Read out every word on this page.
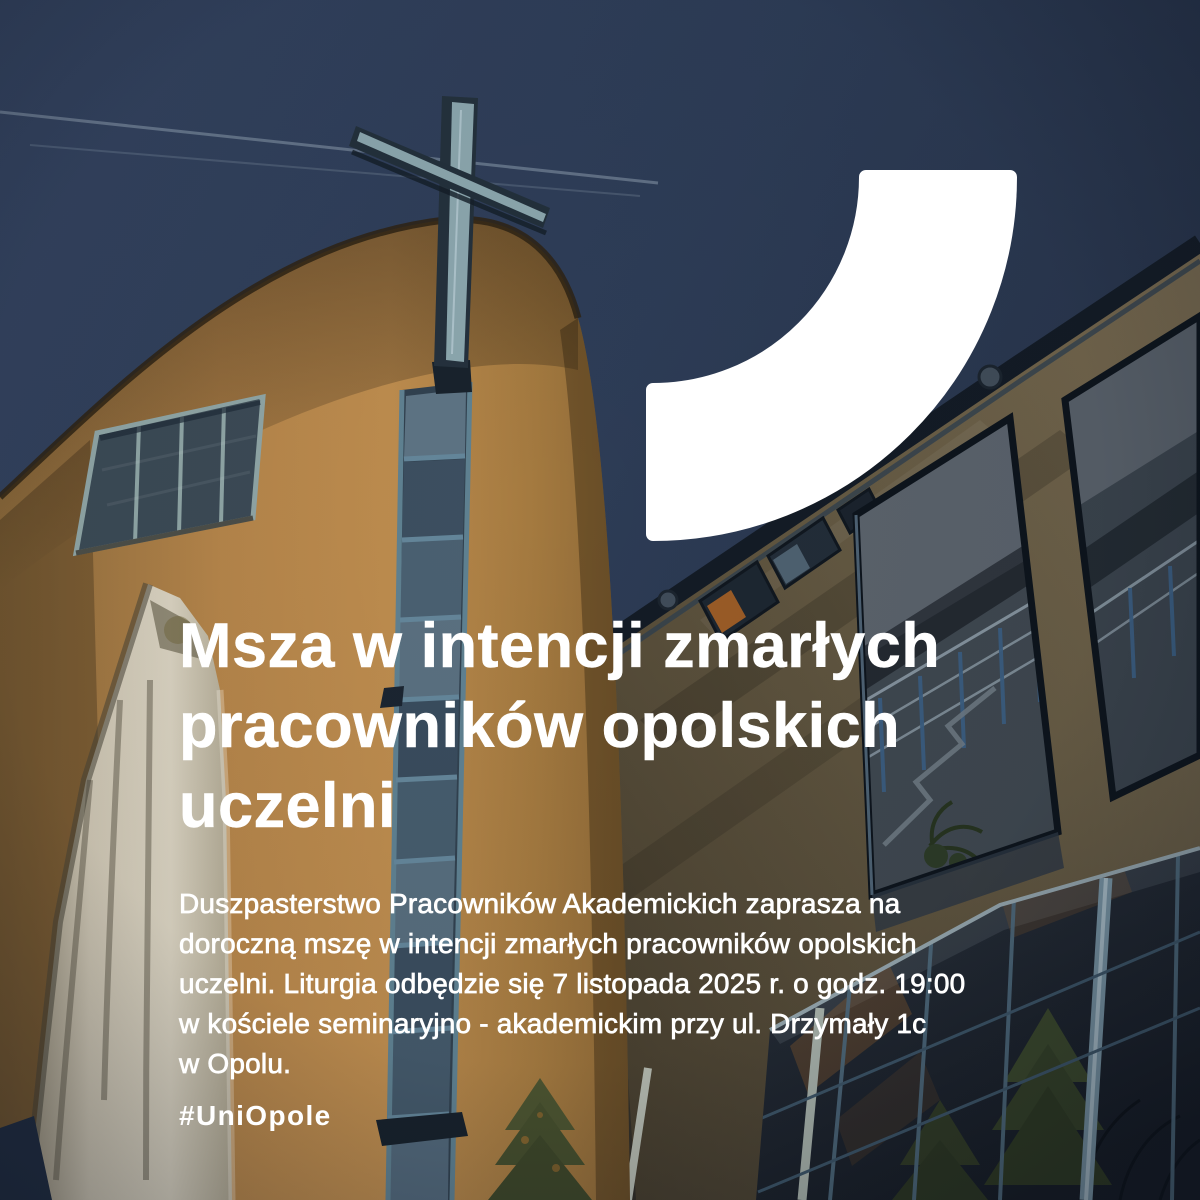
Msza w intencji zmarłych
pracowników opolskich
uczelni
Duszpasterstwo Pracowników Akademickich zaprasza na
doroczną mszę w intencji zmarłych pracowników opolskich
uczelni. Liturgia odbędzie się 7 listopada 2025 r. o godz. 19:00
w kościele seminaryjno - akademickim przy ul. Drzymały 1c
w Opolu.
#UniOpole
